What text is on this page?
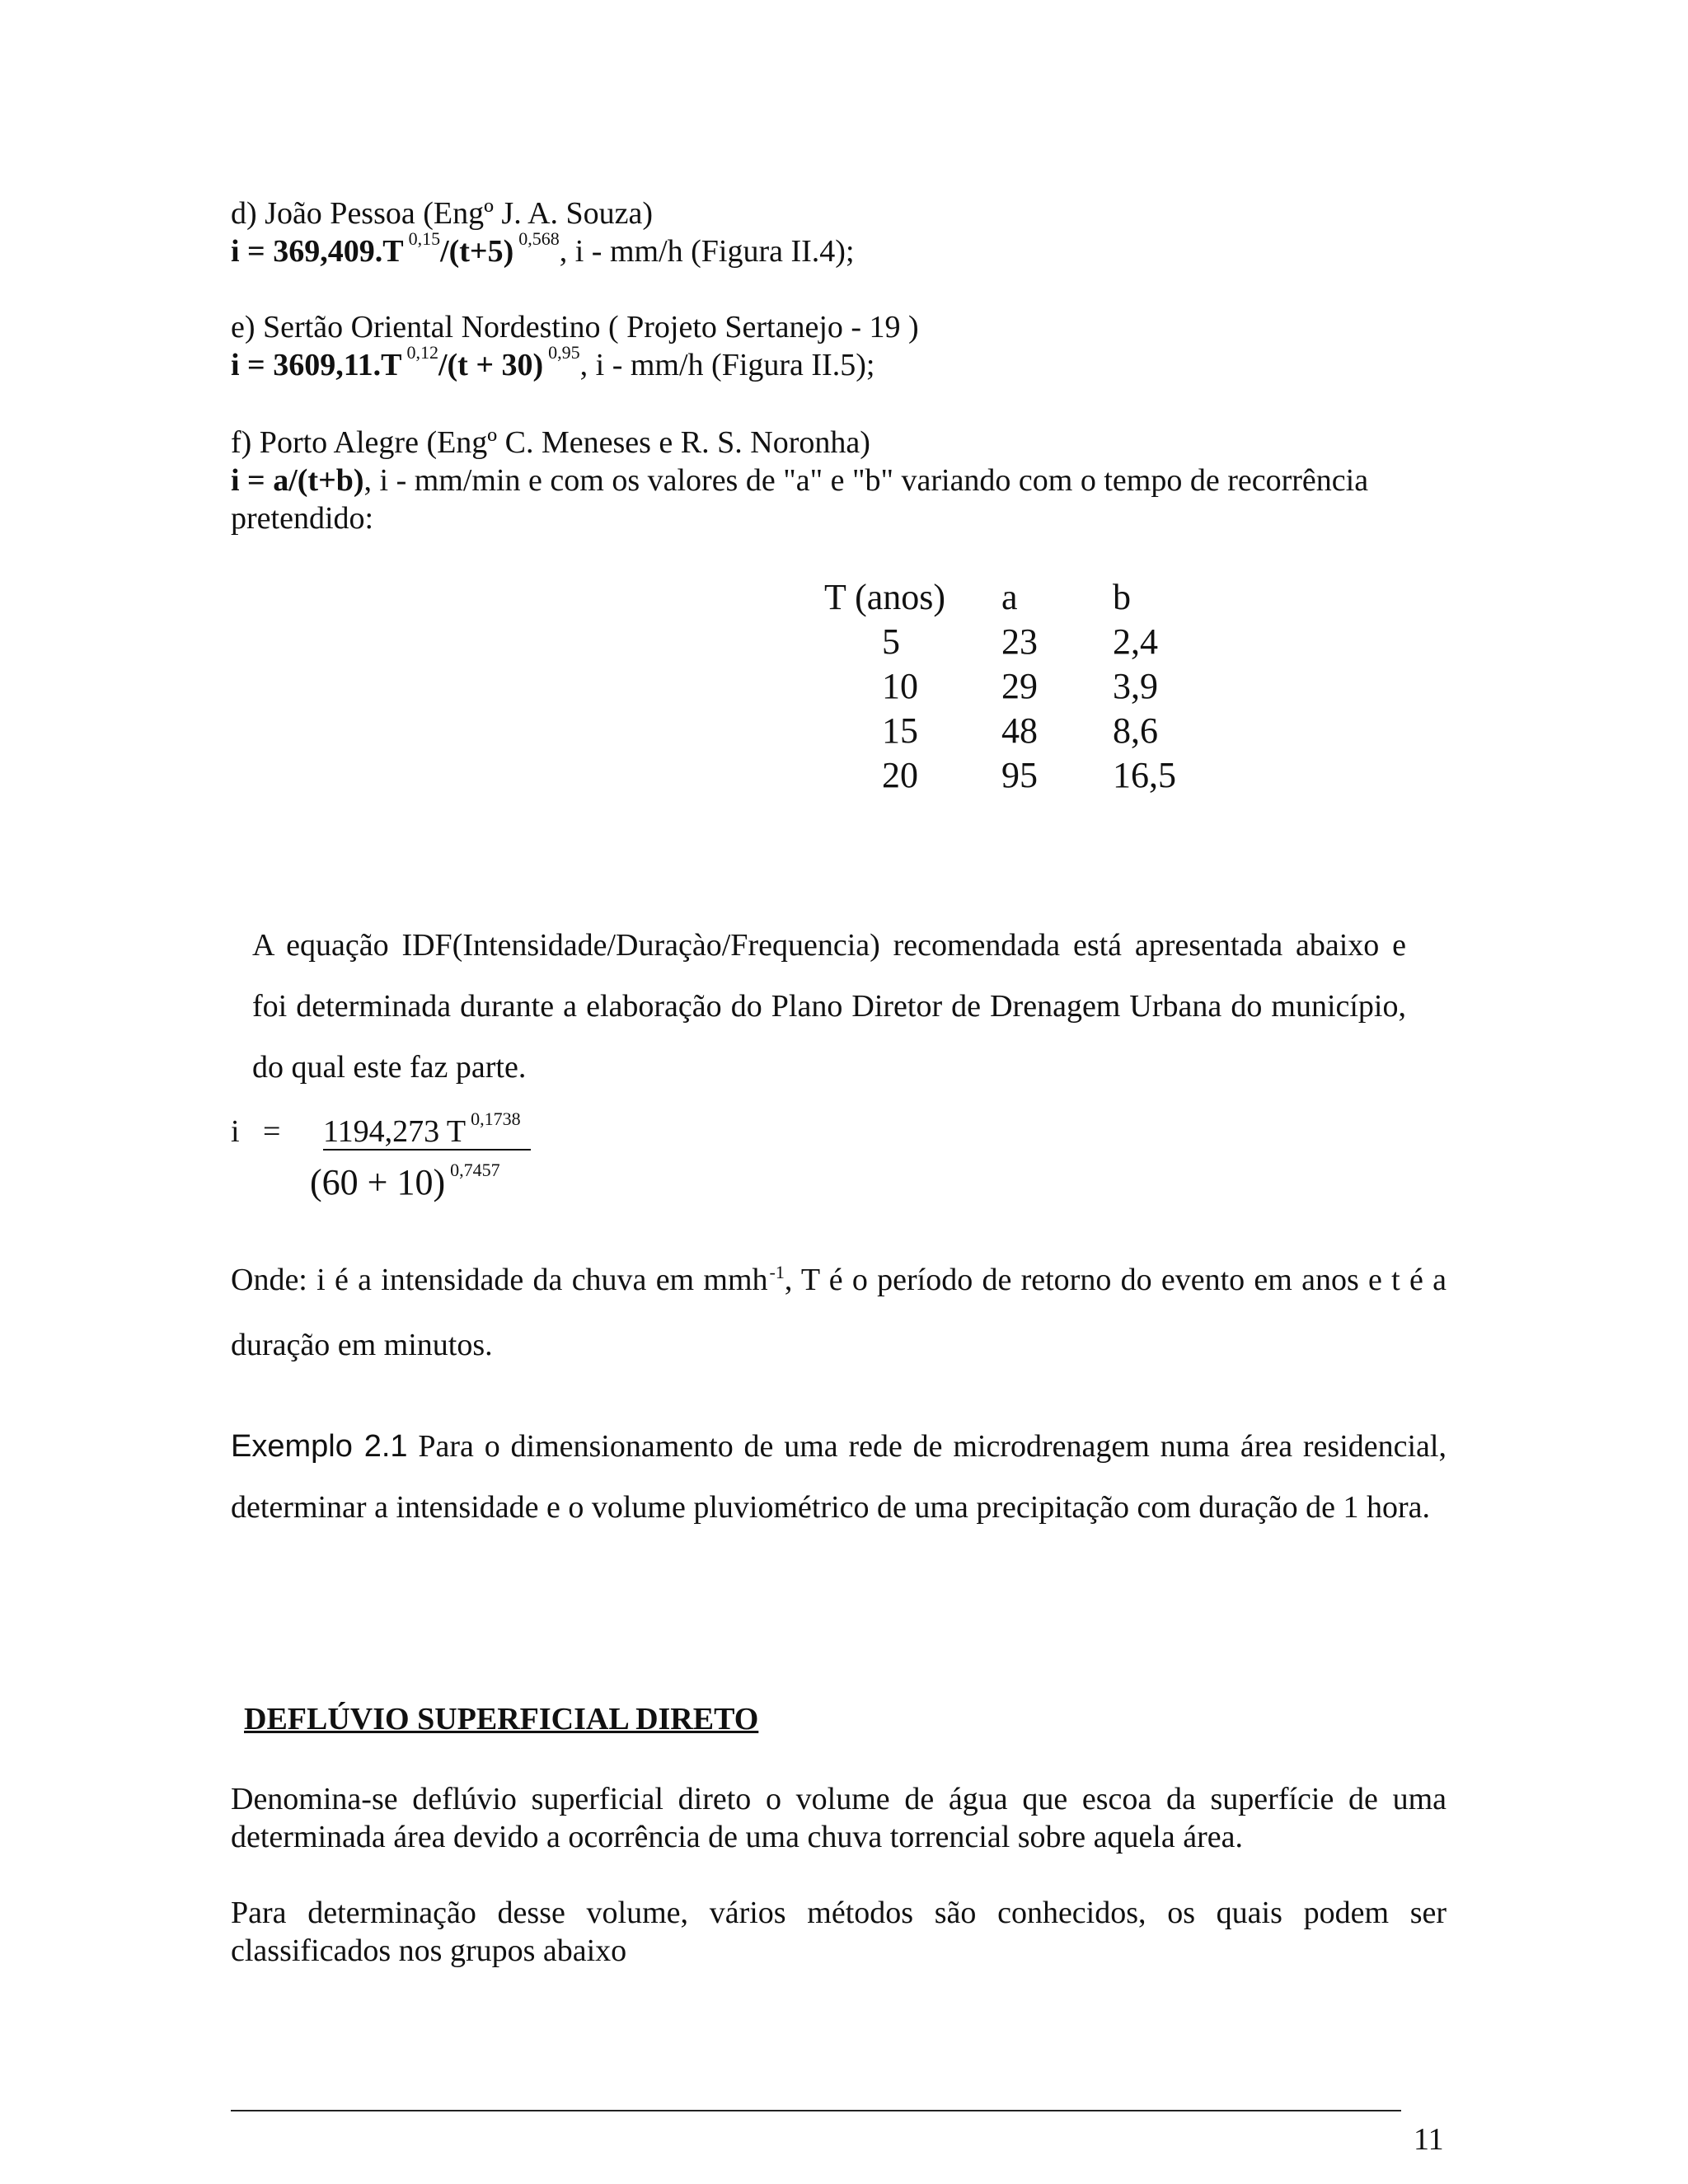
d) João Pessoa (Engº J. A. Souza)
i = 369,409.T $^{0,15}$/(t+5) $^{0,568}$, i - mm/h (Figura II.4);
e) Sertão Oriental Nordestino ( Projeto Sertanejo - 19 )
i = 3609,11.T $^{0,12}$/(t + 30) $^{0,95}$, i - mm/h (Figura II.5);
f) Porto Alegre (Engº C. Meneses e R. S. Noronha)
i = a/(t+b), i - mm/min e com os valores de "a" e "b" variando com o tempo de recorrência
pretendido:
T (anos)	a	b
5	23	2,4
10	29	3,9
15	48	8,6
20	95	16,5
A equação IDF(Intensidade/Duraçào/Frequencia) recomendada está apresentada abaixo e foi determinada durante a elaboração do Plano Diretor de Drenagem Urbana do município, do qual este faz parte.
i   = 1194,273 T $^{0,1738}$
(60 + 10) $^{0,7457}$
Onde: i é a intensidade da chuva em mmh$^{-1}$, T é o período de retorno do evento em anos e t é a duração em minutos.
Exemplo 2.1 Para o dimensionamento de uma rede de microdrenagem numa área residencial, determinar a intensidade e o volume pluviométrico de uma precipitação com duração de 1 hora.
DEFLÚVIO SUPERFICIAL DIRETO
Denomina-se deflúvio superficial direto o volume de água que escoa da superfície de uma determinada área devido a ocorrência de uma chuva torrencial sobre aquela área.
Para determinação desse volume, vários métodos são conhecidos, os quais podem ser classificados nos grupos abaixo
11
